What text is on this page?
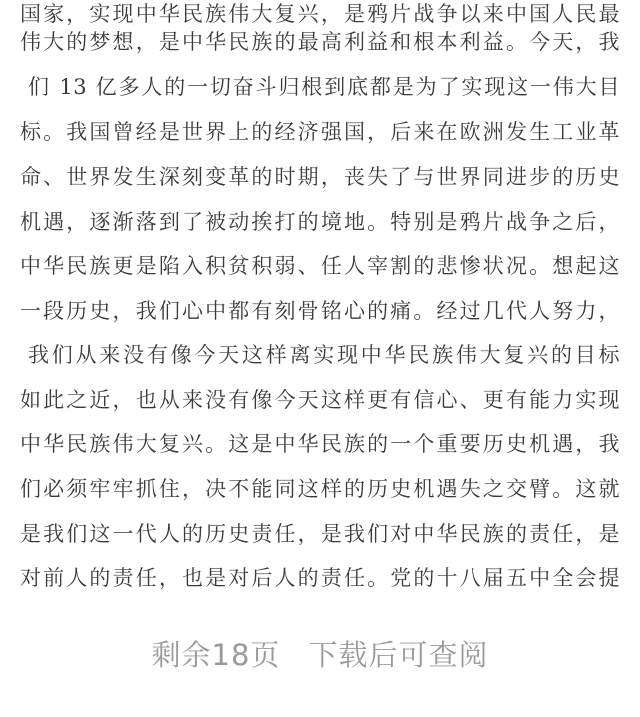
国家，实现中华民族伟大复兴，是鸦片战争以来中国人民最
伟大的梦想，是中华民族的最高利益和根本利益。今天，我
们 13 亿多人的一切奋斗归根到底都是为了实现这一伟大目
标。我国曾经是世界上的经济强国，后来在欧洲发生工业革
命、世界发生深刻变革的时期，丧失了与世界同进步的历史
机遇，逐渐落到了被动挨打的境地。特别是鸦片战争之后，
中华民族更是陷入积贫积弱、任人宰割的悲惨状况。想起这
一段历史，我们心中都有刻骨铭心的痛。经过几代人努力，
我们从来没有像今天这样离实现中华民族伟大复兴的目标
如此之近，也从来没有像今天这样更有信心、更有能力实现
中华民族伟大复兴。这是中华民族的一个重要历史机遇，我
们必须牢牢抓住，决不能同这样的历史机遇失之交臂。这就
是我们这一代人的历史责任，是我们对中华民族的责任，是
对前人的责任，也是对后人的责任。党的十八届五中全会提
剩余18页 下载后可查阅
